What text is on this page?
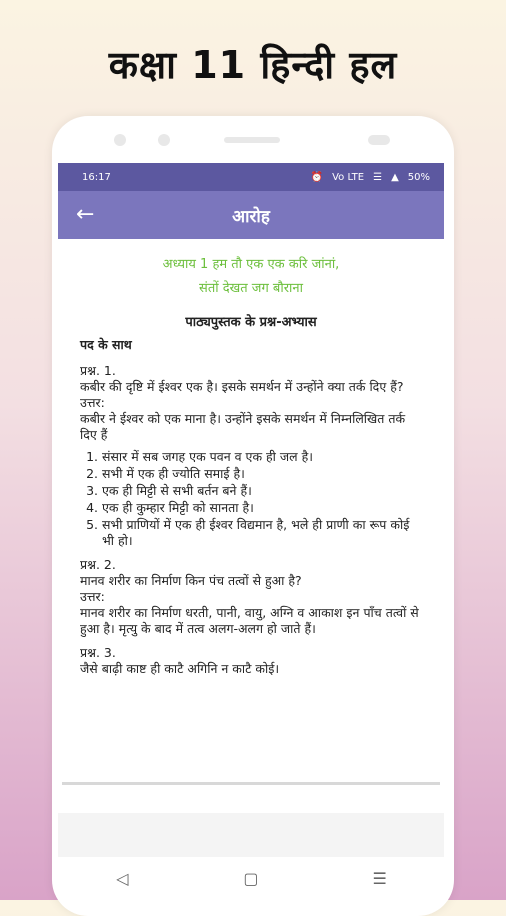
कक्षा 11 हिन्दी हल
16:17	⏰ Vo LTE ☰ ▲ 50%
←	आरोह
अध्याय 1 हम तौ एक एक करि जांनां,
संतों देखत जग बौराना
पाठ्यपुस्तक के प्रश्न-अभ्यास
पद के साथ

प्रश्न. 1.

कबीर की दृष्टि में ईश्वर एक है। इसके समर्थन में उन्होंने क्या तर्क दिए हैं?

उत्तर:

कबीर ने ईश्वर को एक माना है। उन्होंने इसके समर्थन में निम्नलिखित तर्क दिए हैं

1. संसार में सब जगह एक पवन व एक ही जल है।
2. सभी में एक ही ज्योति समाई है।
3. एक ही मिट्टी से सभी बर्तन बने हैं।
4. एक ही कुम्हार मिट्टी को सानता है।
5. सभी प्राणियों में एक ही ईश्वर विद्यमान है, भले ही प्राणी का रूप कोई भी हो।

प्रश्न. 2.

मानव शरीर का निर्माण किन पंच तत्वों से हुआ है?

उत्तर:

मानव शरीर का निर्माण धरती, पानी, वायु, अग्नि व आकाश इन पाँच तत्वों से हुआ है। मृत्यु के बाद में तत्व अलग-अलग हो जाते हैं।

प्रश्न. 3.

जैसे बाढ़ी काष्ट ही काटै अगिनि न काटै कोई।

◁	▢	☰
